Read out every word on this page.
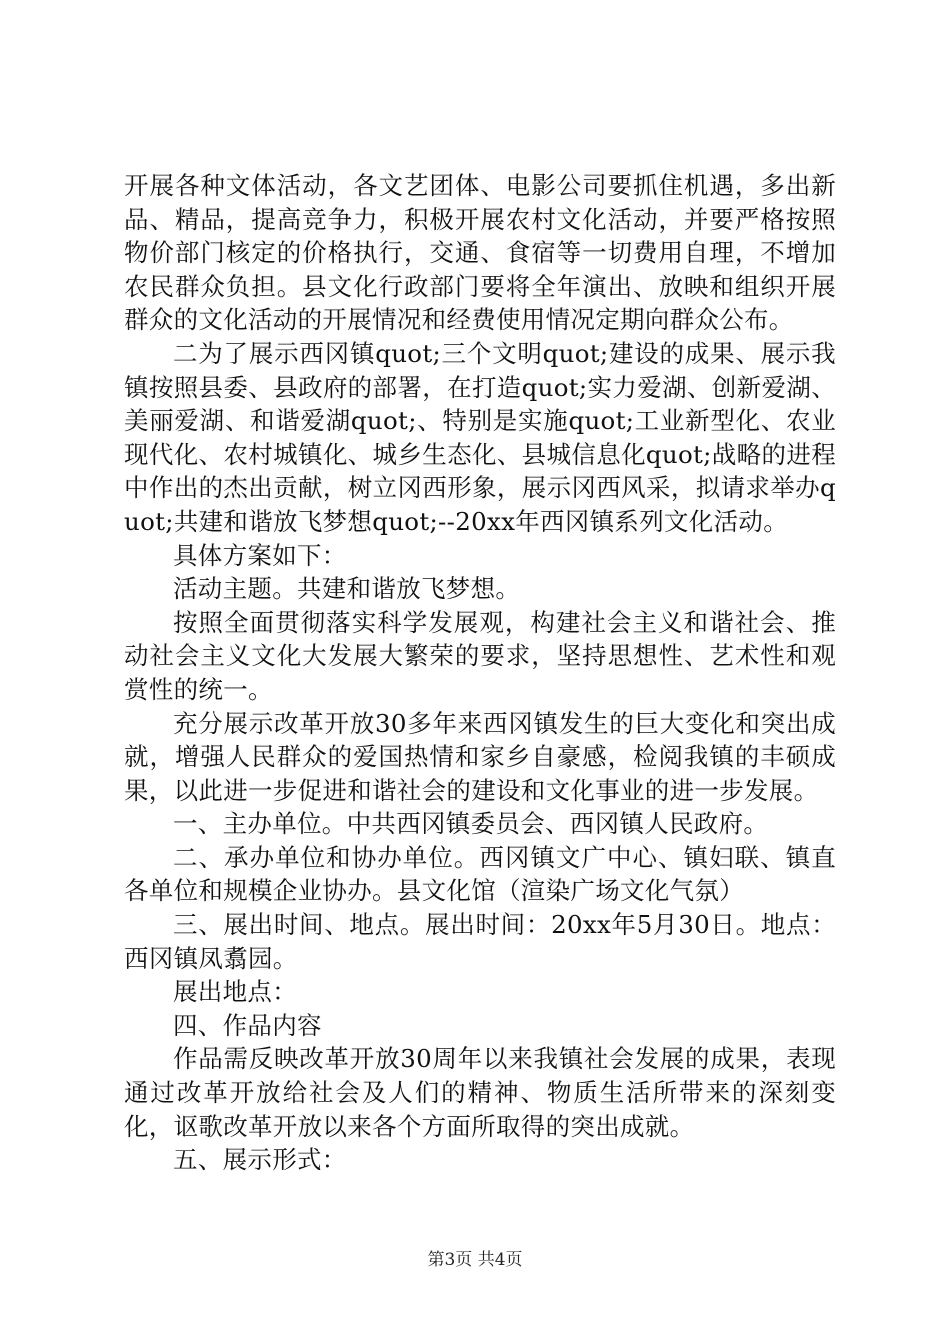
开展各种文体活动，各文艺团体、电影公司要抓住机遇，多出新品、精品，提高竞争力，积极开展农村文化活动，并要严格按照物价部门核定的价格执行，交通、食宿等一切费用自理，不增加农民群众负担。县文化行政部门要将全年演出、放映和组织开展群众的文化活动的开展情况和经费使用情况定期向群众公布。

二为了展示西冈镇quot;三个文明quot;建设的成果、展示我镇按照县委、县政府的部署，在打造quot;实力爱湖、创新爱湖、美丽爱湖、和谐爱湖quot;、特别是实施quot;工业新型化、农业现代化、农村城镇化、城乡生态化、县城信息化quot;战略的进程中作出的杰出贡献，树立冈西形象，展示冈西风采，拟请求举办quot;共建和谐放飞梦想quot;--20xx年西冈镇系列文化活动。

具体方案如下：

活动主题。共建和谐放飞梦想。

按照全面贯彻落实科学发展观，构建社会主义和谐社会、推动社会主义文化大发展大繁荣的要求，坚持思想性、艺术性和观赏性的统一。

充分展示改革开放30多年来西冈镇发生的巨大变化和突出成就，增强人民群众的爱国热情和家乡自豪感，检阅我镇的丰硕成果，以此进一步促进和谐社会的建设和文化事业的进一步发展。

一、主办单位。中共西冈镇委员会、西冈镇人民政府。

二、承办单位和协办单位。西冈镇文广中心、镇妇联、镇直各单位和规模企业协办。县文化馆（渲染广场文化气氛）

三、展出时间、地点。展出时间：20xx年5月30日。地点：西冈镇凤翥园。

展出地点：

四、作品内容

作品需反映改革开放30周年以来我镇社会发展的成果，表现通过改革开放给社会及人们的精神、物质生活所带来的深刻变化，讴歌改革开放以来各个方面所取得的突出成就。

五、展示形式：

第3页 共4页
